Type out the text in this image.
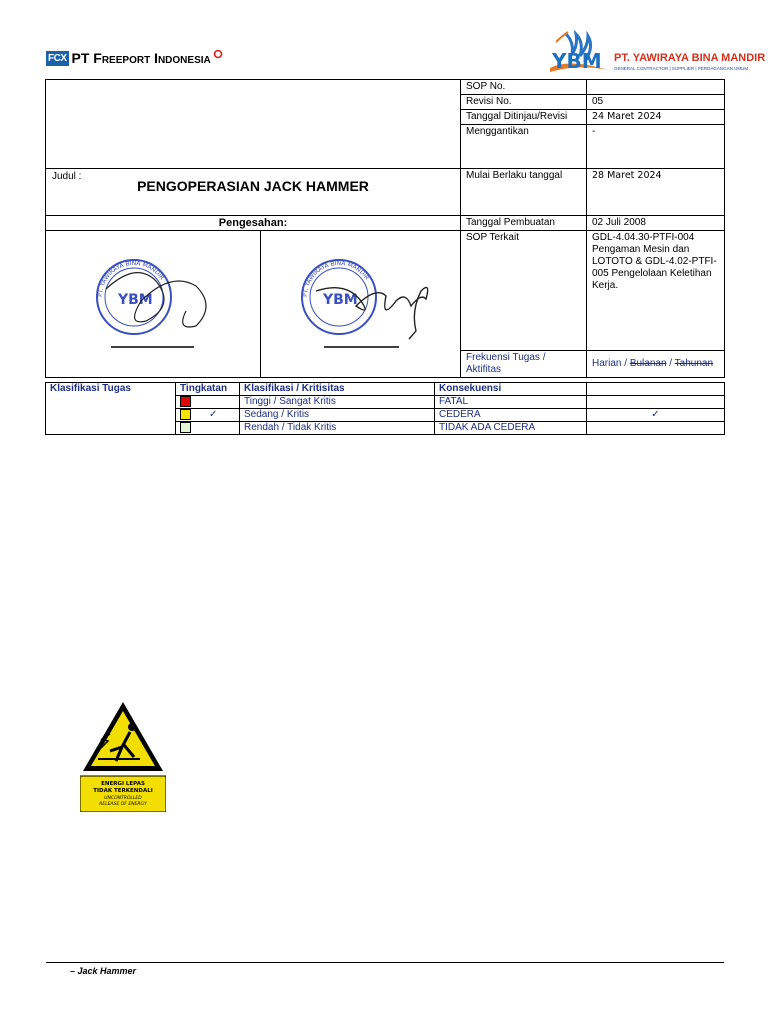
FCX PT Freeport Indonesia	YBM PT. YAWIRAYA BINA MANDIR
GENERAL CONTRACTOR | SUPPLIER | PERDAGANGAN UMUM
		SOP No.	
		Revisi No.	05
		Tanggal Ditinjau/Revisi	24 Maret 2024
		Menggantikan	-

Judul :
PENGOPERASIAN JACK HAMMER		Mulai Berlaku tanggal	28 Maret 2024
Pengesahan:		Tanggal Pembuatan	02 Juli 2008

PT. YAWIRAYA BINA MANDIR
YBM	PT. YAWIRAYA BINA MANDIR
YBM	SOP Terkait	GDL-4.04.30-PTFI-004 Pengaman Mesin dan LOTOTO & GDL-4.02-PTFI-005 Pengelolaan Keletihan Kerja.
		Frekuensi Tugas / Aktifitas	Harian / Bulanan / Tahunan
Klasifikasi Tugas	Tingkatan	Klasifikasi / Kritisitas	Konsekuensi	
		Tinggi / Sangat Kritis	FATAL	
	✓	Sedang / Kritis	CEDERA	✓
		Rendah / Tidak Kritis	TIDAK ADA CEDERA	
ENERGI LEPAS
TIDAK TERKENDALI
UNCONTROLLED
RELEASE OF ENERGY
– Jack Hammer
